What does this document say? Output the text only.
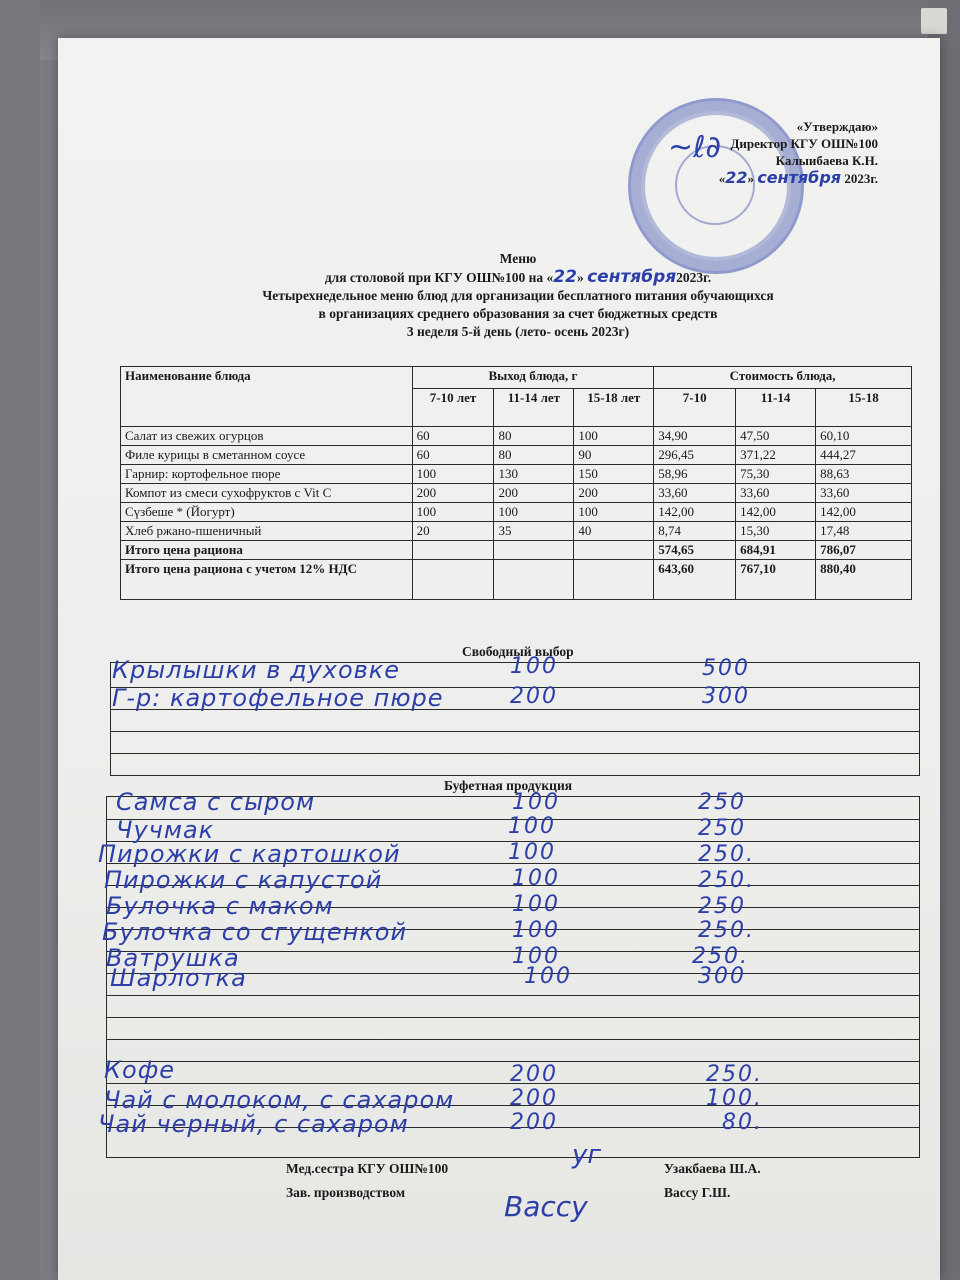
«Утверждаю»
Директор КГУ ОШ№100
Калыибаева К.Н.
«22» сентября 2023г.
~ℓ∂
Меню
для столовой при КГУ ОШ№100 на «22» сентября2023г.
Четырехнедельное меню блюд для организации бесплатного питания обучающихся
в организациях среднего образования за счет бюджетных средств
3 неделя 5-й день (лето- осень 2023г)
Наименование блюда	Выход блюда, г			Стоимость блюда,		
	7-10 лет	11-14 лет	15-18 лет	7-10	11-14	15-18
Салат из свежих огурцов	60	80	100	34,90	47,50	60,10
Филе курицы в сметанном соусе	60	80	90	296,45	371,22	444,27
Гарнир: кортофельное пюре	100	130	150	58,96	75,30	88,63
Компот из смеси сухофруктов с Vit C	200	200	200	33,60	33,60	33,60
Сүзбеше * (Йогурт)	100	100	100	142,00	142,00	142,00
Хлеб ржано-пшеничный	20	35	40	8,74	15,30	17,48
Итого цена рациона				574,65	684,91	786,07
Итого цена рациона с учетом 12% НДС				643,60	767,10	880,40
Свободный выбор
Крылышки в духовке	100	500
Г-р: картофельное пюре	200	300
Буфетная продукция
Самса с сыром	100	250
Чучмак	100	250
Пирожки с картошкой	100	250.
Пирожки с капустой	100	250.
Булочка с маком	100	250
Булочка со сгущенкой	100	250.
Ватрушка	100	250.
Шарлотка	100	300
Кофе	200	250.
Чай с молоком, с сахаром	200	100.
Чай черный, с сахаром	200	80.
Мед.сестра КГУ ОШ№100	Узакбаева Ш.А.
Зав. производством	Вассу Г.Ш.
уг
Вассу
